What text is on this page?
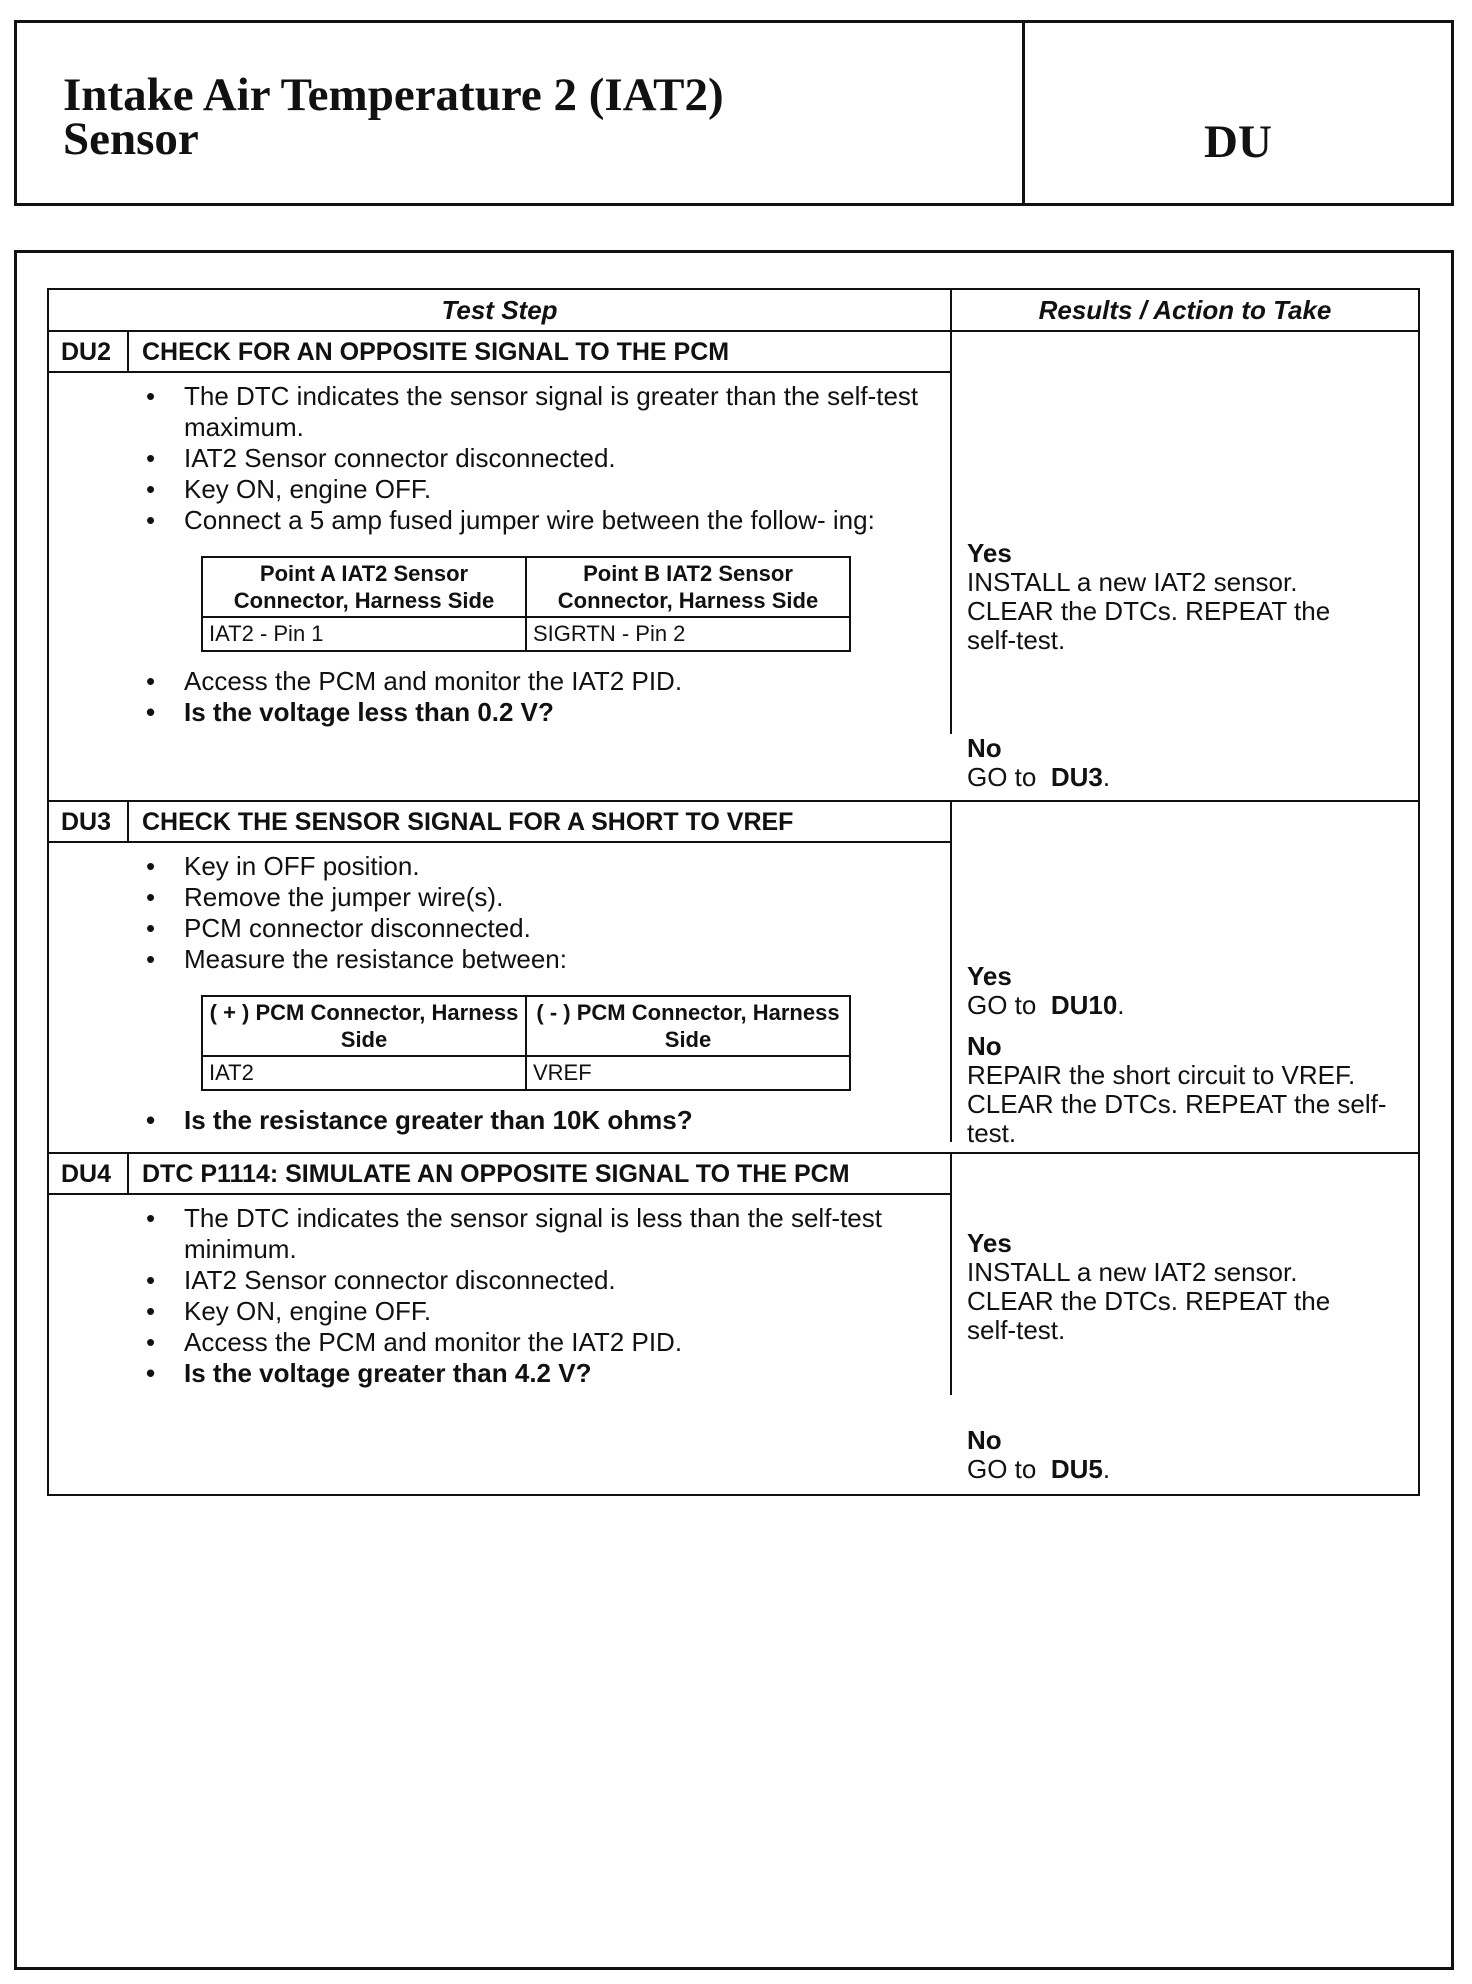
Intake Air Temperature 2 (IAT2)
Sensor	DU
Test Step	Results / Action to Take
DU2	CHECK FOR AN OPPOSITE SIGNAL TO THE PCM
• The DTC indicates the sensor signal is greater than the self-test maximum.
• IAT2 Sensor connector disconnected.
• Key ON, engine OFF.
• Connect a 5 amp fused jumper wire between the follow- ing:
Point A IAT2 Sensor Connector, Harness Side	Point B IAT2 Sensor Connector, Harness Side
IAT2 - Pin 1	SIGRTN - Pin 2
• Access the PCM and monitor the IAT2 PID.
• Is the voltage less than 0.2 V?
Yes
INSTALL a new IAT2 sensor. CLEAR the DTCs. REPEAT the self-test.
No
GO to DU3.
DU3	CHECK THE SENSOR SIGNAL FOR A SHORT TO VREF
• Key in OFF position.
• Remove the jumper wire(s).
• PCM connector disconnected.
• Measure the resistance between:
( + ) PCM Connector, Harness Side	( - ) PCM Connector, Harness Side
IAT2	VREF
• Is the resistance greater than 10K ohms?
Yes
GO to DU10.
No
REPAIR the short circuit to VREF. CLEAR the DTCs. REPEAT the self-test.
DU4	DTC P1114: SIMULATE AN OPPOSITE SIGNAL TO THE PCM
• The DTC indicates the sensor signal is less than the self-test minimum.
• IAT2 Sensor connector disconnected.
• Key ON, engine OFF.
• Access the PCM and monitor the IAT2 PID.
• Is the voltage greater than 4.2 V?
Yes
INSTALL a new IAT2 sensor. CLEAR the DTCs. REPEAT the self-test.
No
GO to DU5.
